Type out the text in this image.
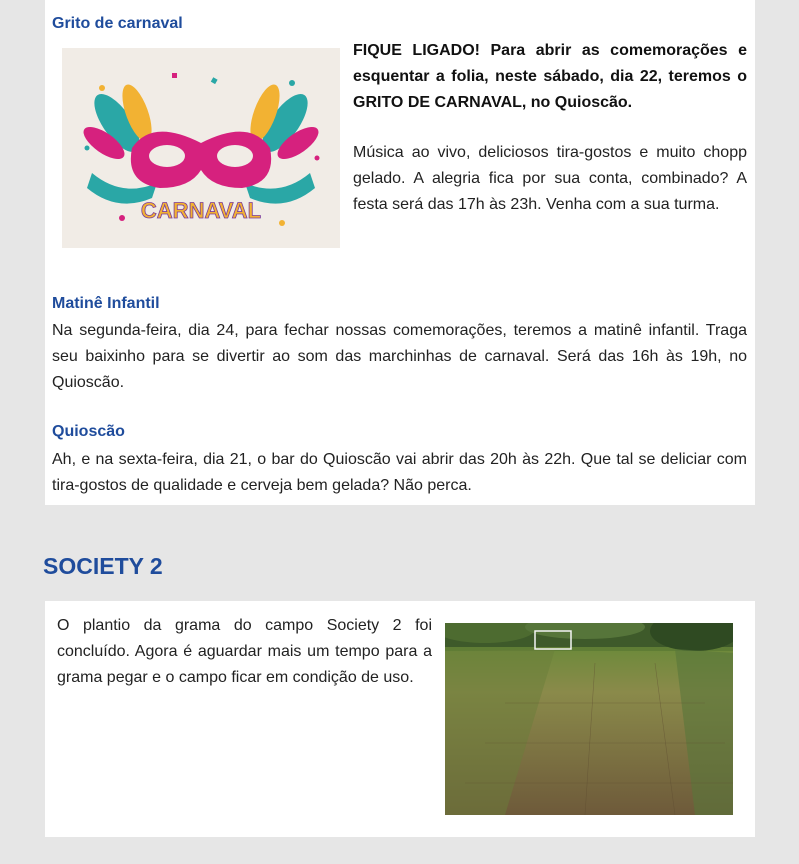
Grito de carnaval
CARNAVAL

FIQUE LIGADO! Para abrir as comemorações e esquentar a folia, neste sábado, dia 22, teremos o GRITO DE CARNAVAL, no Quioscão.

Música ao vivo, deliciosos tira-gostos e muito chopp gelado. A alegria fica por sua conta, combinado? A festa será das 17h às 23h. Venha com a sua turma.

Matinê Infantil

Na segunda-feira, dia 24, para fechar nossas comemorações, teremos a matinê infantil. Traga seu baixinho para se divertir ao som das marchinhas de carnaval. Será das 16h às 19h, no Quioscão.

Quioscão

Ah, e na sexta-feira, dia 21, o bar do Quioscão vai abrir das 20h às 22h. Que tal se deliciar com tira-gostos de qualidade e cerveja bem gelada? Não perca.

SOCIETY 2

O plantio da grama do campo Society 2 foi concluído. Agora é aguardar mais um tempo para a grama pegar e o campo ficar em condição de uso.
